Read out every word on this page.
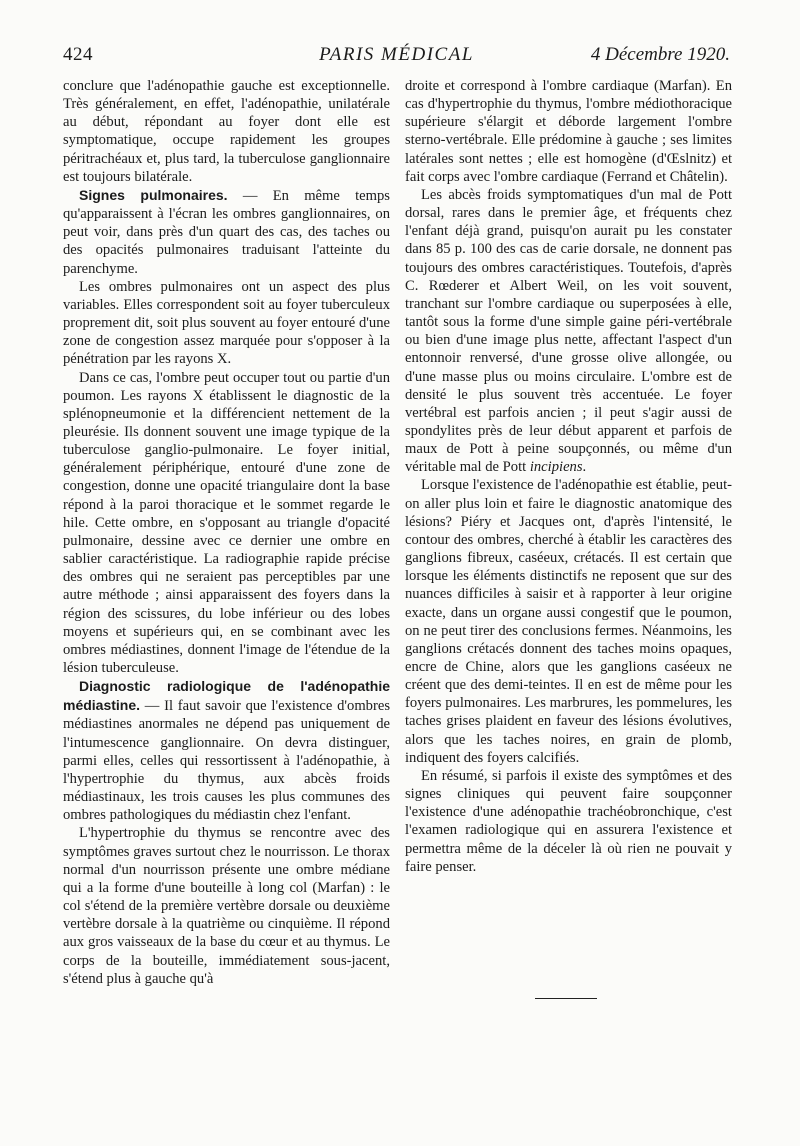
424	PARIS MÉDICAL	4 Décembre 1920.

conclure que l'adénopathie gauche est exceptionnelle. Très généralement, en effet, l'adénopathie, unilatérale au début, répondant au foyer dont elle est symptomatique, occupe rapidement les groupes péritrachéaux et, plus tard, la tuberculose ganglionnaire est toujours bilatérale.

Signes pulmonaires. — En même temps qu'apparaissent à l'écran les ombres ganglionnaires, on peut voir, dans près d'un quart des cas, des taches ou des opacités pulmonaires traduisant l'atteinte du parenchyme.

Les ombres pulmonaires ont un aspect des plus variables. Elles correspondent soit au foyer tuberculeux proprement dit, soit plus souvent au foyer entouré d'une zone de congestion assez marquée pour s'opposer à la pénétration par les rayons X.

Dans ce cas, l'ombre peut occuper tout ou partie d'un poumon. Les rayons X établissent le diagnostic de la splénopneumonie et la différencient nettement de la pleurésie. Ils donnent souvent une image typique de la tuberculose ganglio-pulmonaire. Le foyer initial, généralement périphérique, entouré d'une zone de congestion, donne une opacité triangulaire dont la base répond à la paroi thoracique et le sommet regarde le hile. Cette ombre, en s'opposant au triangle d'opacité pulmonaire, dessine avec ce dernier une ombre en sablier caractéristique. La radiographie rapide précise des ombres qui ne seraient pas perceptibles par une autre méthode ; ainsi apparaissent des foyers dans la région des scissures, du lobe inférieur ou des lobes moyens et supérieurs qui, en se combinant avec les ombres médiastines, donnent l'image de l'étendue de la lésion tuberculeuse.

Diagnostic radiologique de l'adénopathie médiastine. — Il faut savoir que l'existence d'ombres médiastines anormales ne dépend pas uniquement de l'intumescence ganglionnaire. On devra distinguer, parmi elles, celles qui ressortissent à l'adénopathie, à l'hypertrophie du thymus, aux abcès froids médiastinaux, les trois causes les plus communes des ombres pathologiques du médiastin chez l'enfant.

L'hypertrophie du thymus se rencontre avec des symptômes graves surtout chez le nourrisson. Le thorax normal d'un nourrisson présente une ombre médiane qui a la forme d'une bouteille à long col (Marfan) : le col s'étend de la première vertèbre dorsale ou deuxième vertèbre dorsale à la quatrième ou cinquième. Il répond aux gros vaisseaux de la base du cœur et au thymus. Le corps de la bouteille, immédiatement sous-jacent, s'étend plus à gauche qu'à

droite et correspond à l'ombre cardiaque (Marfan). En cas d'hypertrophie du thymus, l'ombre médiothoracique supérieure s'élargit et déborde largement l'ombre sterno-vertébrale. Elle prédomine à gauche ; ses limites latérales sont nettes ; elle est homogène (d'Œslnitz) et fait corps avec l'ombre cardiaque (Ferrand et Châtelin).

Les abcès froids symptomatiques d'un mal de Pott dorsal, rares dans le premier âge, et fréquents chez l'enfant déjà grand, puisqu'on aurait pu les constater dans 85 p. 100 des cas de carie dorsale, ne donnent pas toujours des ombres caractéristiques. Toutefois, d'après C. Rœderer et Albert Weil, on les voit souvent, tranchant sur l'ombre cardiaque ou superposées à elle, tantôt sous la forme d'une simple gaine péri-vertébrale ou bien d'une image plus nette, affectant l'aspect d'un entonnoir renversé, d'une grosse olive allongée, ou d'une masse plus ou moins circulaire. L'ombre est de densité le plus souvent très accentuée. Le foyer vertébral est parfois ancien ; il peut s'agir aussi de spondylites près de leur début apparent et parfois de maux de Pott à peine soupçonnés, ou même d'un véritable mal de Pott incipiens.

Lorsque l'existence de l'adénopathie est établie, peut-on aller plus loin et faire le diagnostic anatomique des lésions? Piéry et Jacques ont, d'après l'intensité, le contour des ombres, cherché à établir les caractères des ganglions fibreux, caséeux, crétacés. Il est certain que lorsque les éléments distinctifs ne reposent que sur des nuances difficiles à saisir et à rapporter à leur origine exacte, dans un organe aussi congestif que le poumon, on ne peut tirer des conclusions fermes. Néanmoins, les ganglions crétacés donnent des taches moins opaques, encre de Chine, alors que les ganglions caséeux ne créent que des demi-teintes. Il en est de même pour les foyers pulmonaires. Les marbrures, les pommelures, les taches grises plaident en faveur des lésions évolutives, alors que les taches noires, en grain de plomb, indiquent des foyers calcifiés.

En résumé, si parfois il existe des symptômes et des signes cliniques qui peuvent faire soupçonner l'existence d'une adénopathie trachéobronchique, c'est l'examen radiologique qui en assurera l'existence et permettra même de la déceler là où rien ne pouvait y faire penser.
